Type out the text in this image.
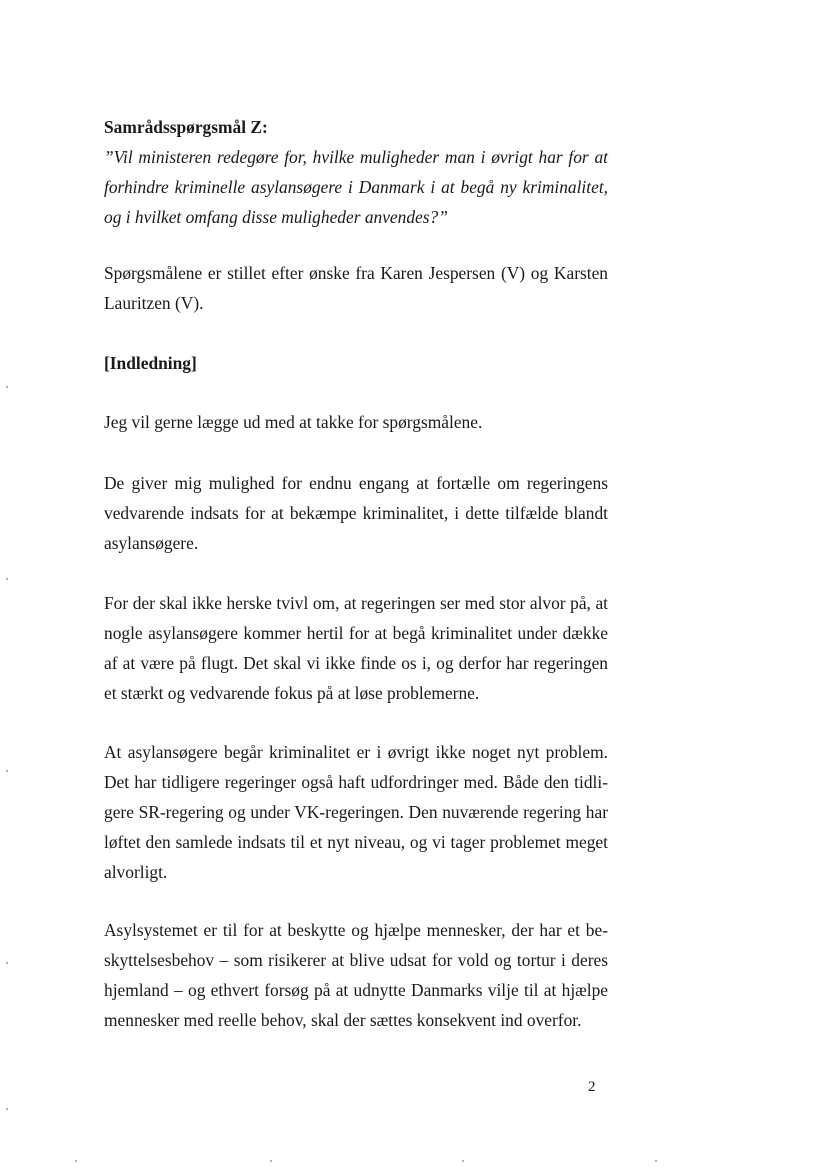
Samrådsspørgsmål Z:
”Vil ministeren redegøre for, hvilke muligheder man i øvrigt har for at
forhindre kriminelle asylansøgere i Danmark i at begå ny kriminalitet,
og i hvilket omfang disse muligheder anvendes?”
Spørgsmålene er stillet efter ønske fra Karen Jespersen (V) og Karsten
Lauritzen (V).
[Indledning]
Jeg vil gerne lægge ud med at takke for spørgsmålene.
De giver mig mulighed for endnu engang at fortælle om regeringens
vedvarende indsats for at bekæmpe kriminalitet, i dette tilfælde blandt
asylansøgere.
For der skal ikke herske tvivl om, at regeringen ser med stor alvor på, at
nogle asylansøgere kommer hertil for at begå kriminalitet under dække
af at være på flugt. Det skal vi ikke finde os i, og derfor har regeringen
et stærkt og vedvarende fokus på at løse problemerne.
At asylansøgere begår kriminalitet er i øvrigt ikke noget nyt problem.
Det har tidligere regeringer også haft udfordringer med. Både den tidli-
gere SR-regering og under VK-regeringen. Den nuværende regering har
løftet den samlede indsats til et nyt niveau, og vi tager problemet meget
alvorligt.
Asylsystemet er til for at beskytte og hjælpe mennesker, der har et be-
skyttelsesbehov – som risikerer at blive udsat for vold og tortur i deres
hjemland – og ethvert forsøg på at udnytte Danmarks vilje til at hjælpe
mennesker med reelle behov, skal der sættes konsekvent ind overfor.
2
